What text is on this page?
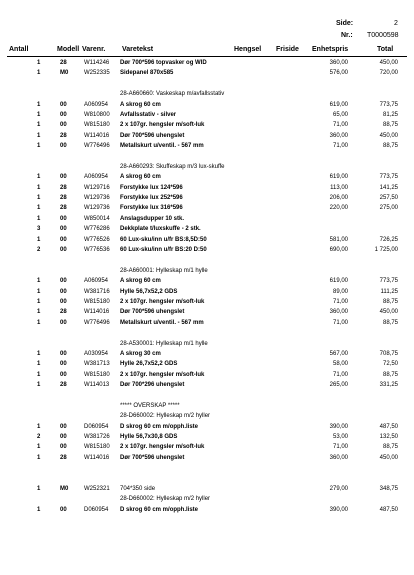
Side:	2
Nr.: T0000598
Antall	Modell Varenr. Varetekst	Hengsel Friside Enhetspris	Total
1	28	W114246 Dør 700*596 topvasker og WID	360,00	450,00
1	M0	W252335 Sidepanel 870x585	576,00	720,00
28-A660660: Vaskeskap m/avfallsstativ
1	00	A060954 A skrog 60 cm	619,00	773,75
1	00	W810800 Avfallsstativ - silver	65,00	81,25
1	00	W815180 2 x 107gr. hengsler m/soft-luk	71,00	88,75
1	28	W114016 Dør 700*596 uhengslet	360,00	450,00
1	00	W776496 Metallskurt u/ventil. - 567 mm	71,00	88,75
28-A660293: Skuffeskap m/3 lux-skuffe
1	00	A060954 A skrog 60 cm	619,00	773,75
1	28	W129716 Forstykke lux 124*596	113,00	141,25
1	28	W129736 Forstykke lux 252*596	206,00	257,50
1	28	W129736 Forstykke lux 316*596	220,00	275,00
1	00	W850014 Anslagsdupper 10 stk.
3	00	W776286 Dekkplate t/luxskuffe - 2 stk.
1	00	W776526 60 Lux-sku/inn u/fr BS:8,5D:50	581,00	726,25
2	00	W776536 60 Lux-sku/inn u/fr BS:20 D:50	690,00	1 725,00
28-A660001: Hylleskap m/1 hylle
1	00	A060954 A skrog 60 cm	619,00	773,75
1	00	W381716 Hylle 56,7x52,2 GDS	89,00	111,25
1	00	W815180 2 x 107gr. hengsler m/soft-luk	71,00	88,75
1	28	W114016 Dør 700*596 uhengslet	360,00	450,00
1	00	W776496 Metallskurt u/ventil. - 567 mm	71,00	88,75
28-A530001: Hylleskap m/1 hylle
1	00	A030954 A skrog 30 cm	567,00	708,75
1	00	W381713 Hylle 26,7x52,2 GDS	58,00	72,50
1	00	W815180 2 x 107gr. hengsler m/soft-luk	71,00	88,75
1	28	W114013 Dør 700*296 uhengslet	265,00	331,25
***** OVERSKAP *****
28-D660002: Hylleskap m/2 hyller
1	00	D060954 D skrog 60 cm m/opph.liste	390,00	487,50
2	00	W381726 Hylle 56,7x30,8 GDS	53,00	132,50
1	00	W815180 2 x 107gr. hengsler m/soft-luk	71,00	88,75
1	28	W114016 Dør 700*596 uhengslet	360,00	450,00
1	M0	W252321 704*350 side	279,00	348,75
28-D660002: Hylleskap m/2 hyller
1	00	D060954 D skrog 60 cm m/opph.liste	390,00	487,50
